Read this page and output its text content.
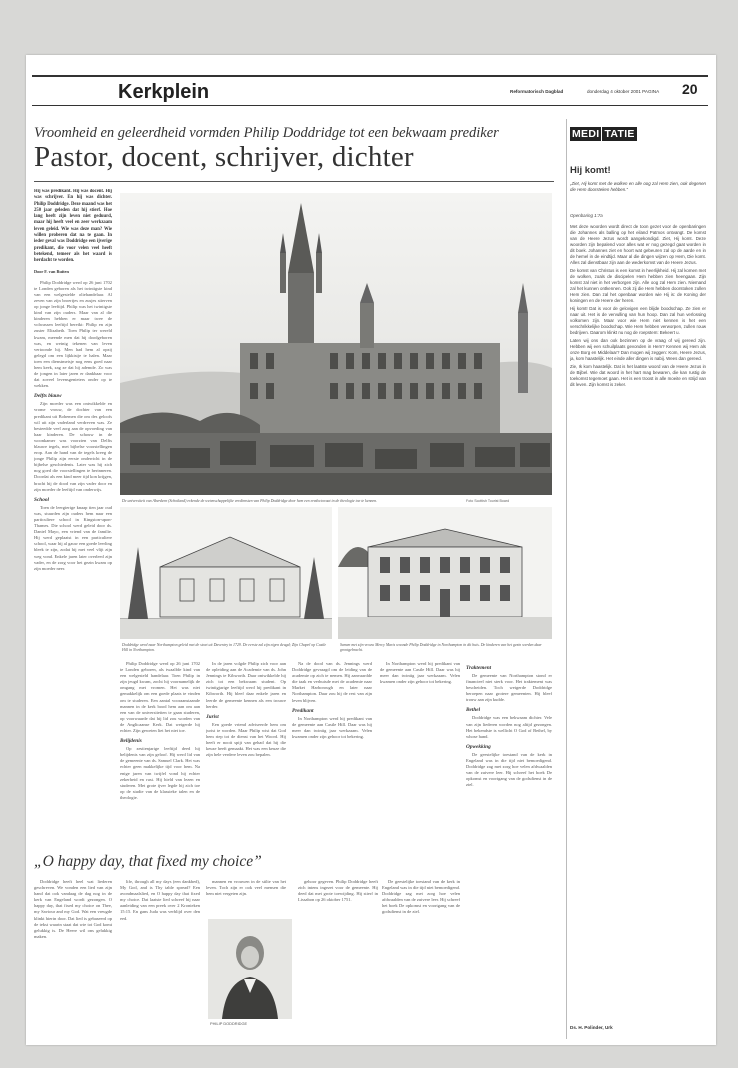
Kerkplein	Reformatorisch Dagblad	donderdag 4 oktober 2001 PAGINA 20
Vroomheid en geleerdheid vormden Philip Doddridge tot een bekwaam prediker
Pastor, docent, schrijver, dichter

Hij was predikant. Hij was docent. Hij was schrijver. En hij was dichter. Philip Doddridge. Deze maand was het 250 jaar geleden dat hij stierf. Hoe lang heeft zijn leven niet geduurd, maar hij heeft veel en zeer werkzaam leven geleid. Wie was deze man? Wie willen proberen dat na te gaan. In ieder geval was Doddridge een ijverige predikant, die voor velen veel heeft betekend, temeer als het waard is herdacht te worden.

Door F. van Ruiten

Philip Doddridge werd op 26 juni 1702 te Londen geboren als het twintigste kind van een welgestelde oliehandelaar. Al zeven van zijn broertjes en zusjes stierven op jonge leeftijd. Philip was het twintigste kind van zijn ouders. Maar van al die kinderen hebben er maar twee de volwassen leeftijd bereikt: Philip en zijn zuster Elizabeth. Toen Philip ter wereld kwam, meende men dat hij doodgeboren was, en weinig tekenen van leven vertoonde hij. Men had hem al opzij gelegd om een lijkkistje te halen. Maar toen een dienstmeisje nog eens goed naar hem keek, zag ze dat hij ademde. Zo was de jongen in later jaren er dankbaar voor dat zoveel levensgenieters onder op te wekken.

Delfts blauw

Zijn moeder was een ontwikkelde en vrome vrouw, de dochter van een predikant uit Bohemen die om des geloofs wil uit zijn vaderland verdreven was. Ze besteedde veel zorg aan de opvoeding van haar kinderen. De schouw in de woonkamer was voorzien van Delfts blauwe tegels, met bijbelse voorstellingen erop. Aan de hand van de tegels kreeg de jonge Philip zijn eerste onderricht in de bijbelse geschiedenis. Later was hij zich nog goed die voorstellingen te herinneren. Doordat als een kind meer tijd kon krijgen, bracht hij de dood van zijn vader door en zijn moeder de leeftijd van onderwijs.

School

Toen de leergierige knaap tien jaar oud was, stuurden zijn ouders hem naar een particuliere school in Kingston-upon-Thames. Die school werd geleid door ds. Daniel Mayo, een vriend van de familie. Hij werd geplaatst in een particuliere school, waar hij al gauw een goede leerling bleek te zijn, zodat hij met veel vlijt zijn weg vond. Enkele jaren later overleed zijn vader, en de zorg voor het gezin kwam op zijn moeder neer.

De universiteit van Aberdeen (Schotland) erkende de wetenschappelijke verdiensten van Philip Doddridge door hem een eredoctoraat in de theologie toe te kennen.	Foto Scottish Tourist Board
Doddridge werd naar Northampton geleid met de stoet uit Daventry in 1729. De eerste zal zijn eigen deugd; Zijn Chapel op Castle Hill in Northampton.
Samen met zijn vrouw Mercy Maris woonde Philip Doddridge in Northampton in dit huis. De kinderen van het gezin werden daar grootgebracht.

Philip Doddridge werd op 26 juni 1702 te Londen geboren, als twaalfde kind van een welgesteld handelaar. Toen Philip in zijn jeugd kwam, zocht hij voornamelijk de omgang met vromen. Het was niet gemakkelijk om een goede plaats te vinden om te studeren. Een aantal vooraanstaande mannen in de kerk bood hem aan om aan een van de universiteiten te gaan studeren, op voorwaarde dat hij lid zou worden van de Anglicaanse Kerk. Dat weigerde hij echter. Zijn geweten liet het niet toe.

Belijdenis

Op zestienjarige leeftijd deed hij belijdenis van zijn geloof. Hij werd lid van de gemeente van ds. Samuel Clark. Het was echter geen makkelijke tijd voor hem. Na enige jaren van twijfel vond hij echter zekerheid en rust. Hij hield van lezen en studeren. Met grote ijver legde hij zich toe op de studie van de klassieke talen en de theologie.

In de jaren volgde Philip zich voor aan de opleiding aan de Academie van ds. John Jennings te Kibworth. Daar ontwikkelde hij zich tot een bekwaam student. Op twintigjarige leeftijd werd hij predikant in Kibworth. Hij bleef daar enkele jaren en leerde de gemeente kennen als een trouwe herder.

Jurist

Een goede vriend adviseerde hem om jurist te worden. Maar Philip wist dat God hem riep tot de dienst van het Woord. Hij heeft er nooit spijt van gehad dat hij die keuze heeft gemaakt. Het was een keuze die zijn hele verdere leven zou bepalen.

Na de dood van ds. Jennings werd Doddridge gevraagd om de leiding van de academie op zich te nemen. Hij aanvaardde die taak en verhuisde met de academie naar Market Harborough en later naar Northampton. Daar zou hij de rest van zijn leven blijven.

Predikant

In Northampton werd hij predikant van de gemeente aan Castle Hill. Daar was hij meer dan twintig jaar werkzaam. Velen kwamen onder zijn gehoor tot bekering.

In Northampton werd hij predikant van de gemeente aan Castle Hill. Daar was hij meer dan twintig jaar werkzaam. Velen kwamen onder zijn gehoor tot bekering.

Traktement

De gemeente van Northampton stond er financieel niet sterk voor. Het traktement was bescheiden. Toch weigerde Doddridge beroepen naar grotere gemeenten. Hij bleef trouw aan zijn kudde.

Bethel

Doddridge was een bekwaam dichter. Vele van zijn liederen worden nog altijd gezongen. Het bekendste is wellicht O God of Bethel, by whose hand.

Opwekking

De geestelijke toestand van de kerk in Engeland was in die tijd niet bemoedigend. Doddridge zag met zorg hoe velen afdwaalden van de zuivere leer. Hij schreef het boek De opkomst en voortgang van de godsdienst in de ziel.

„O happy day, that fixed my choice”

Doddridge heeft heel wat liederen geschreven. We vonden een lied van zijn hand dat ook vandaag de dag nog in de kerk van Engeland wordt gezongen. O happy day, that fixed my choice on Thee, my Saviour and my God. Wat een vreugde klinkt hierin door. Dat lied is gebaseerd op de tekst waarin staat dat wie tot God komt gelukkig is. De Heere wil ons gelukkig maken.

life, through all my days (een dankbed), My God, and is Thy table spread? Een avondmaalslied, en O happy day that fixed my choice. Dat laatste lied schreef hij naar aanleiding van een preek over 2 Kronieken 15:15. En gans Juda was verblijd over den eed.

mannen en vrouwen in de stilte van het leven. Toch zijn er ook veel mensen die hem niet vergeten zijn.

PHILIP DODDRIDGE

gehoor gegeven. Philip Doddridge heeft zich intens ingezet voor de gemeente. Hij deed dat met grote toewijding. Hij stierf in Lissabon op 26 oktober 1751.

De geestelijke toestand van de kerk in Engeland was in die tijd niet bemoedigend. Doddridge zag met zorg hoe velen afdwaalden van de zuivere leer. Hij schreef het boek De opkomst en voortgang van de godsdienst in de ziel.

MEDI TATIE
Hij komt!
„Ziet, Hij komt met de wolken en alle oog zal Hem zien, ook degenen die Hem doorsteken hebben.”
Openbaring 1:7a

Met deze woorden wordt direct de toon gezet voor de openbaringen die Johannes als balling op het eiland Patmos ontvangt. De komst van de Heere Jezus wordt aangekondigd. Ziet, Hij komt. Deze woorden zijn bepalend voor alles wat er nog gezegd gaat worden in dit boek. Johannes ziet en hoort wat gebeuren zal op de aarde en in de hemel in de eindtijd. Maar al die dingen wijzen op Hem, Die komt. Alles zal dienstbaar zijn aan de wederkomst van de Heere Jezus.

De komst van Christus is een komst in heerlijkheid. Hij zal komen met de wolken, zoals de discipelen Hem hebben zien heengaan. Zijn komst zal niet in het verborgen zijn. Alle oog zal Hem zien. Niemand zal het kunnen ontkennen. Ook zij die Hem hebben doorstoken zullen Hem zien. Dan zal het openbaar worden wie Hij is: de Koning der koningen en de Heere der heren.

Hij komt! Dat is voor de gelovigen een blijde boodschap. Ze zien er naar uit. Het is de vervulling van hun hoop. Dan zal hun verlossing volkomen zijn. Maar voor wie Hem niet kennen is het een verschrikkelijke boodschap. Wie Hem hebben verworpen, zullen rouw bedrijven. Daarom klinkt nu nog de roepstem: Bekeert u.

Laten wij ons dan ook bezinnen op de vraag of wij gereed zijn. Hebben wij een schuilplaats gevonden in Hem? Kennen wij Hem als onze Borg en Middelaar? Dan mogen wij zeggen: Kom, Heere Jezus, ja, kom haastelijk. Het einde aller dingen is nabij. Wees dan gereed.

Zie, Ik kom haastelijk. Dat is het laatste woord van de Heere Jezus in de Bijbel. Wie dat woord in het hart mag bewaren, die kan rustig de toekomst tegemoet gaan. Het is een troost in alle moeite en strijd van dit leven. Zijn komst is zeker.

Ds. H. Polinder, Urk
